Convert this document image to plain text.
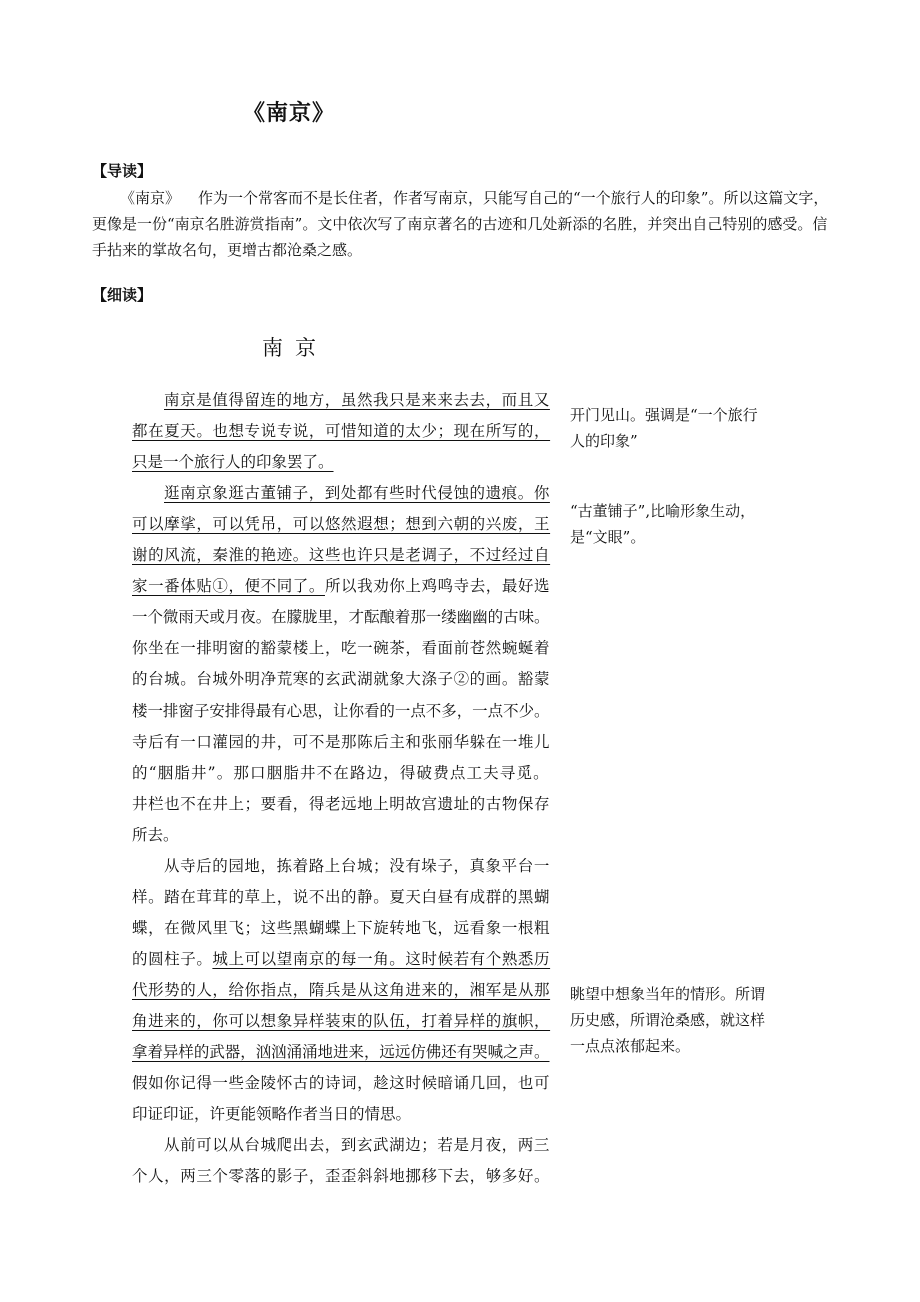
《南京》
【导读】
《南京》 作为一个常客而不是长住者，作者写南京，只能写自己的“一个旅行人的印象”。所以这篇文字，更像是一份“南京名胜游赏指南”。文中依次写了南京著名的古迹和几处新添的名胜，并突出自己特别的感受。信手拈来的掌故名句，更增古都沧桑之感。
【细读】
南京
南京是值得留连的地方，虽然我只是来来去去，而且又
都在夏天。也想专说专说，可惜知道的太少；现在所写的，
只是一个旅行人的印象罢了。
逛南京象逛古董铺子，到处都有些时代侵蚀的遗痕。你
可以摩挲，可以凭吊，可以悠然遐想；想到六朝的兴废，王
谢的风流，秦淮的艳迹。这些也许只是老调子，不过经过自
家一番体贴①，便不同了。所以我劝你上鸡鸣寺去，最好选
一个微雨天或月夜。在朦胧里，才酝酿着那一缕幽幽的古味。
你坐在一排明窗的豁蒙楼上，吃一碗茶，看面前苍然蜿蜒着
的台城。台城外明净荒寒的玄武湖就象大涤子②的画。豁蒙
楼一排窗子安排得最有心思，让你看的一点不多，一点不少。
寺后有一口灌园的井，可不是那陈后主和张丽华躲在一堆儿
的“胭脂井”。那口胭脂井不在路边，得破费点工夫寻觅。
井栏也不在井上；要看，得老远地上明故宫遗址的古物保存
所去。
从寺后的园地，拣着路上台城；没有垛子，真象平台一
样。踏在茸茸的草上，说不出的静。夏天白昼有成群的黑蝴
蝶，在微风里飞；这些黑蝴蝶上下旋转地飞，远看象一根粗
的圆柱子。城上可以望南京的每一角。这时候若有个熟悉历
代形势的人，给你指点，隋兵是从这角进来的，湘军是从那
角进来的，你可以想象异样装束的队伍，打着异样的旗帜，
拿着异样的武器，汹汹涌涌地进来，远远仿佛还有哭喊之声。
假如你记得一些金陵怀古的诗词，趁这时候暗诵几回，也可
印证印证，许更能领略作者当日的情思。
从前可以从台城爬出去，到玄武湖边；若是月夜，两三
个人，两三个零落的影子，歪歪斜斜地挪移下去，够多好。
开门见山。强调是“一个旅行人的印象”
“古董铺子”,比喻形象生动，是“文眼”。
眺望中想象当年的情形。所谓历史感，所谓沧桑感，就这样一点点浓郁起来。
